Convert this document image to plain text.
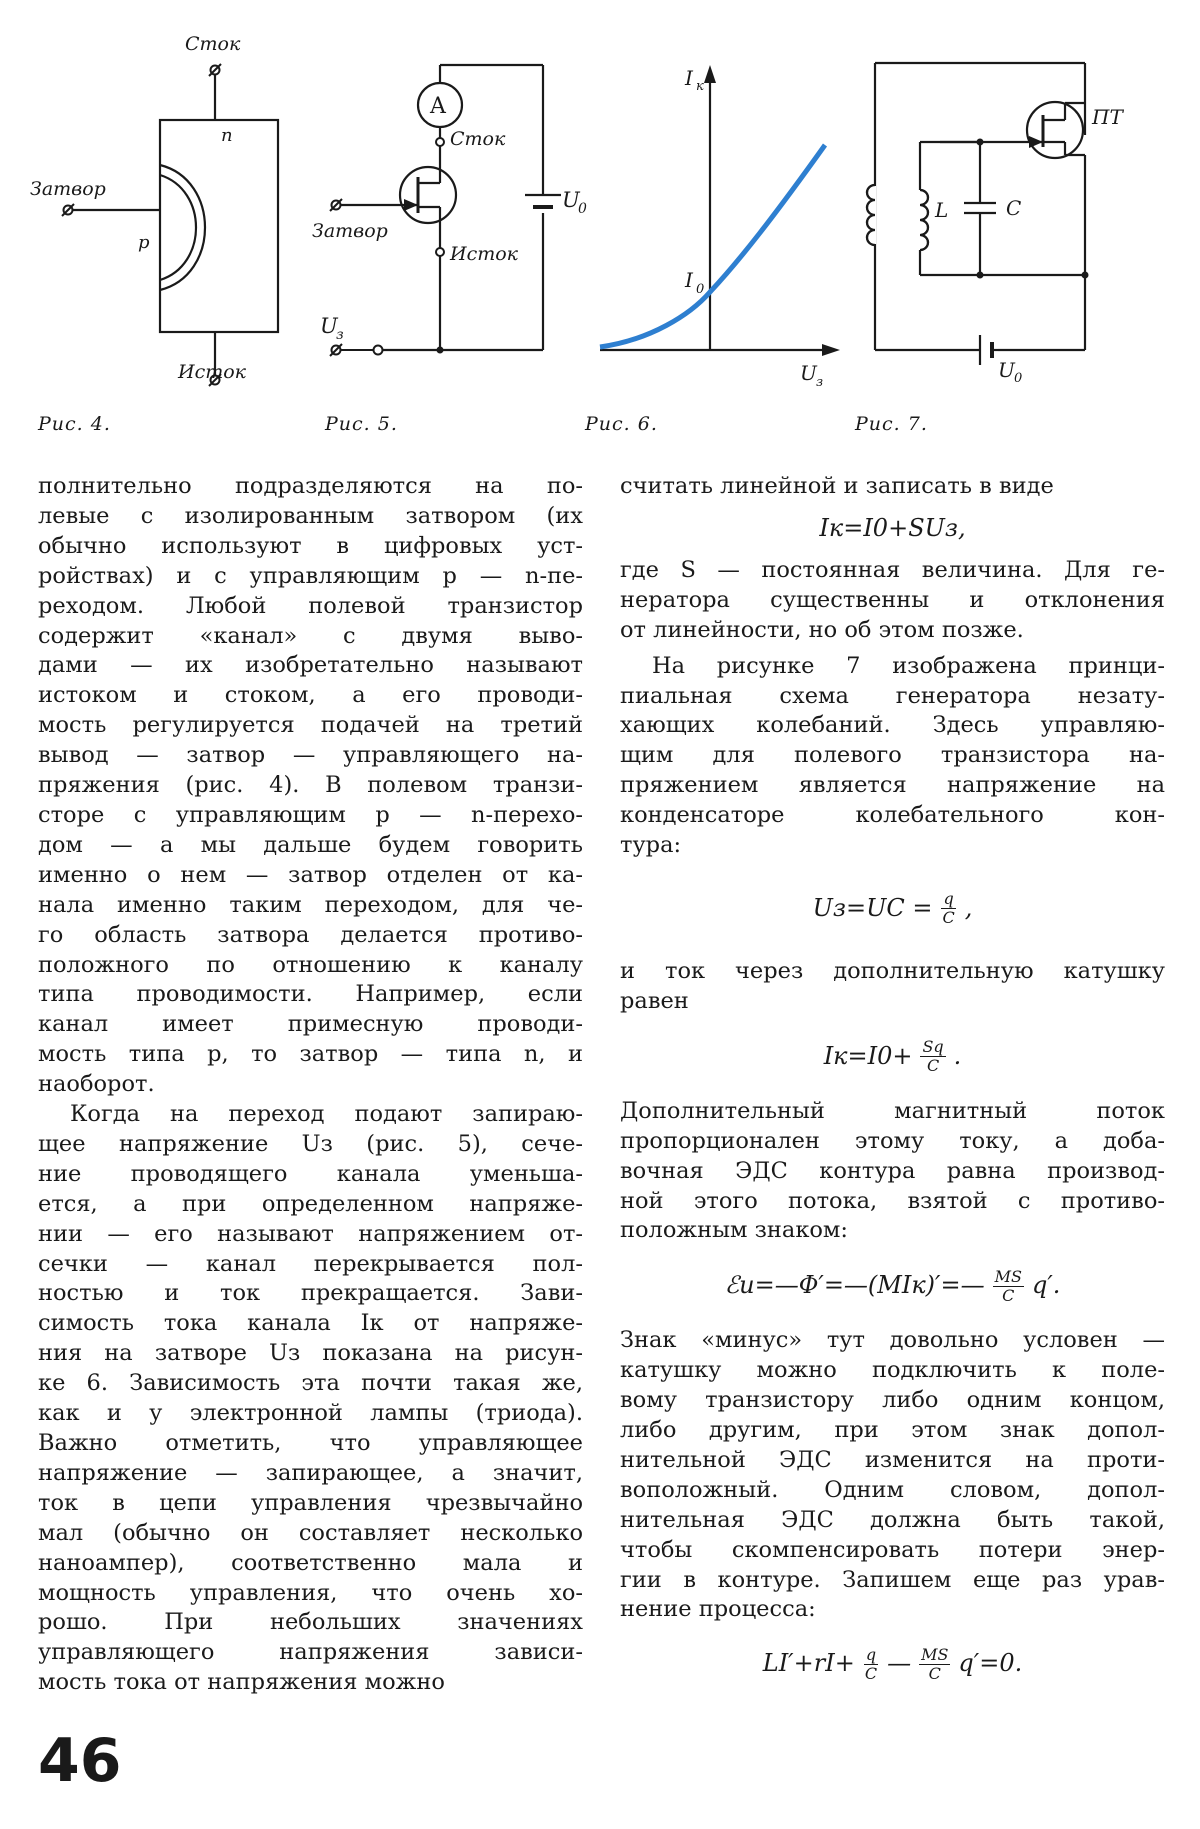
Сток
Затвор
Исток
n
p
Рис. 4.
A
Сток
Затвор
Исток
U
0
U
з
Рис. 5.
I к
I 0
U з
Рис. 6.
ПТ
L	C
U 0
Рис. 7.
полнительно подразделяются на по-
левые с изолированным затвором (их
обычно используют в цифровых уст-
ройствах) и с управляющим p — n-пе-
реходом. Любой полевой транзистор
содержит «канал» с двумя выво-
дами — их изобретательно называют
истоком и стоком, а его проводи-
мость регулируется подачей на третий
вывод — затвор — управляющего на-
пряжения (рис. 4). В полевом транзи-
сторе с управляющим p — n-перехо-
дом — а мы дальше будем говорить
именно о нем — затвор отделен от ка-
нала именно таким переходом, для че-
го область затвора делается противо-
положного по отношению к каналу
типа проводимости. Например, если
канал имеет примесную проводи-
мость типа p, то затвор — типа n, и
наоборот.
Когда на переход подают запираю-
щее напряжение Uз (рис. 5), сече-
ние проводящего канала уменьша-
ется, а при определенном напряже-
нии — его называют напряжением от-
сечки — канал перекрывается пол-
ностью и ток прекращается. Зави-
симость тока канала Iк от напряже-
ния на затворе Uз показана на рисун-
ке 6. Зависимость эта почти такая же,
как и у электронной лампы (триода).
Важно отметить, что управляющее
напряжение — запирающее, а значит,
ток в цепи управления чрезвычайно
мал (обычно он составляет несколько
наноампер), соответственно мала и
мощность управления, что очень хо-
рошо. При небольших значениях
управляющего напряжения зависи-
мость тока от напряжения можно
считать линейной и записать в виде
Iк=I0+SUз,
где S — постоянная величина. Для ге-
нератора существенны и отклонения
от линейности, но об этом позже.
На рисунке 7 изображена принци-
пиальная схема генератора незату-
хающих колебаний. Здесь управляю-
щим для полевого транзистора на-
пряжением является напряжение на
конденсаторе колебательного кон-
тура:
$Uз=UC = \frac{q}{C}$ ,
и ток через дополнительную катушку
равен
$Iк=I0+ \frac{Sq}{C}$ .
Дополнительный магнитный поток
пропорционален этому току, а доба-
вочная ЭДС контура равна производ-
ной этого потока, взятой с противо-
положным знаком:
ℰи=—Φ′=—(MIк)′=— $\frac{MS}{C} q'$.
Знак «минус» тут довольно условен —
катушку можно подключить к поле-
вому транзистору либо одним концом,
либо другим, при этом знак допол-
нительной ЭДС изменится на проти-
воположный. Одним словом, допол-
нительная ЭДС должна быть такой,
чтобы скомпенсировать потери энер-
гии в контуре. Запишем еще раз урав-
нение процесса:
$LI'+rI+ \frac{q}{C}$ — $\frac{MS}{C} q'=0$.
46
